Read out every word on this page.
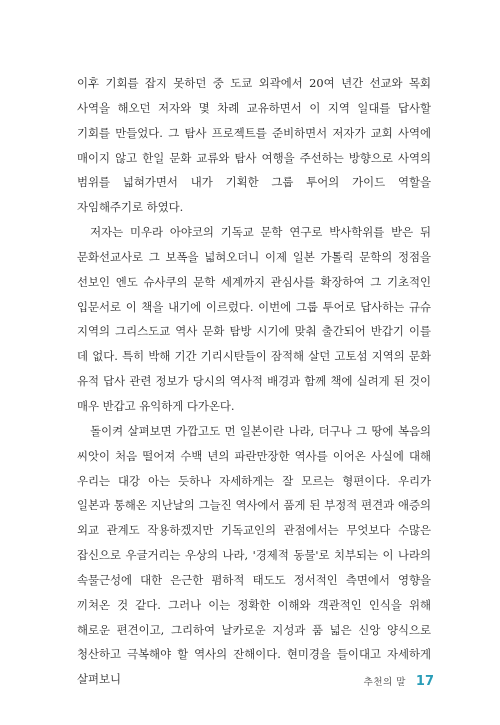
이후 기회를 잡지 못하던 중 도쿄 외곽에서 20여 년간 선교와 목회 사역을 해오던 저자와 몇 차례 교유하면서 이 지역 일대를 답사할 기회를 만들었다. 그 탐사 프로젝트를 준비하면서 저자가 교회 사역에 매이지 않고 한일 문화 교류와 탐사 여행을 주선하는 방향으로 사역의 범위를 넓혀가면서 내가 기획한 그룹 투어의 가이드 역할을 자임해주기로 하였다.

저자는 미우라 아야코의 기독교 문학 연구로 박사학위를 받은 뒤 문화선교사로 그 보폭을 넓혀오더니 이제 일본 가톨릭 문학의 정점을 선보인 엔도 슈사쿠의 문학 세계까지 관심사를 확장하여 그 기초적인 입문서로 이 책을 내기에 이르렀다. 이번에 그룹 투어로 답사하는 규슈 지역의 그리스도교 역사 문화 탐방 시기에 맞춰 출간되어 반갑기 이를 데 없다. 특히 박해 기간 기리시탄들이 잠적해 살던 고토섬 지역의 문화 유적 답사 관련 정보가 당시의 역사적 배경과 함께 책에 실려게 된 것이 매우 반갑고 유익하게 다가온다.

돌이켜 살펴보면 가깝고도 먼 일본이란 나라, 더구나 그 땅에 복음의 씨앗이 처음 떨어져 수백 년의 파란만장한 역사를 이어온 사실에 대해 우리는 대강 아는 듯하나 자세하게는 잘 모르는 형편이다. 우리가 일본과 통해온 지난날의 그늘진 역사에서 품게 된 부정적 편견과 애증의 외교 관계도 작용하겠지만 기독교인의 관점에서는 무엇보다 수많은 잡신으로 우글거리는 우상의 나라, '경제적 동물'로 치부되는 이 나라의 속물근성에 대한 은근한 폄하적 태도도 정서적인 측면에서 영향을 끼쳐온 것 같다. 그러나 이는 정확한 이해와 객관적인 인식을 위해 해로운 편견이고, 그리하여 날카로운 지성과 품 넓은 신앙 양식으로 청산하고 극복해야 할 역사의 잔해이다. 현미경을 들이대고 자세하게 살펴보니	추천의 말 17
